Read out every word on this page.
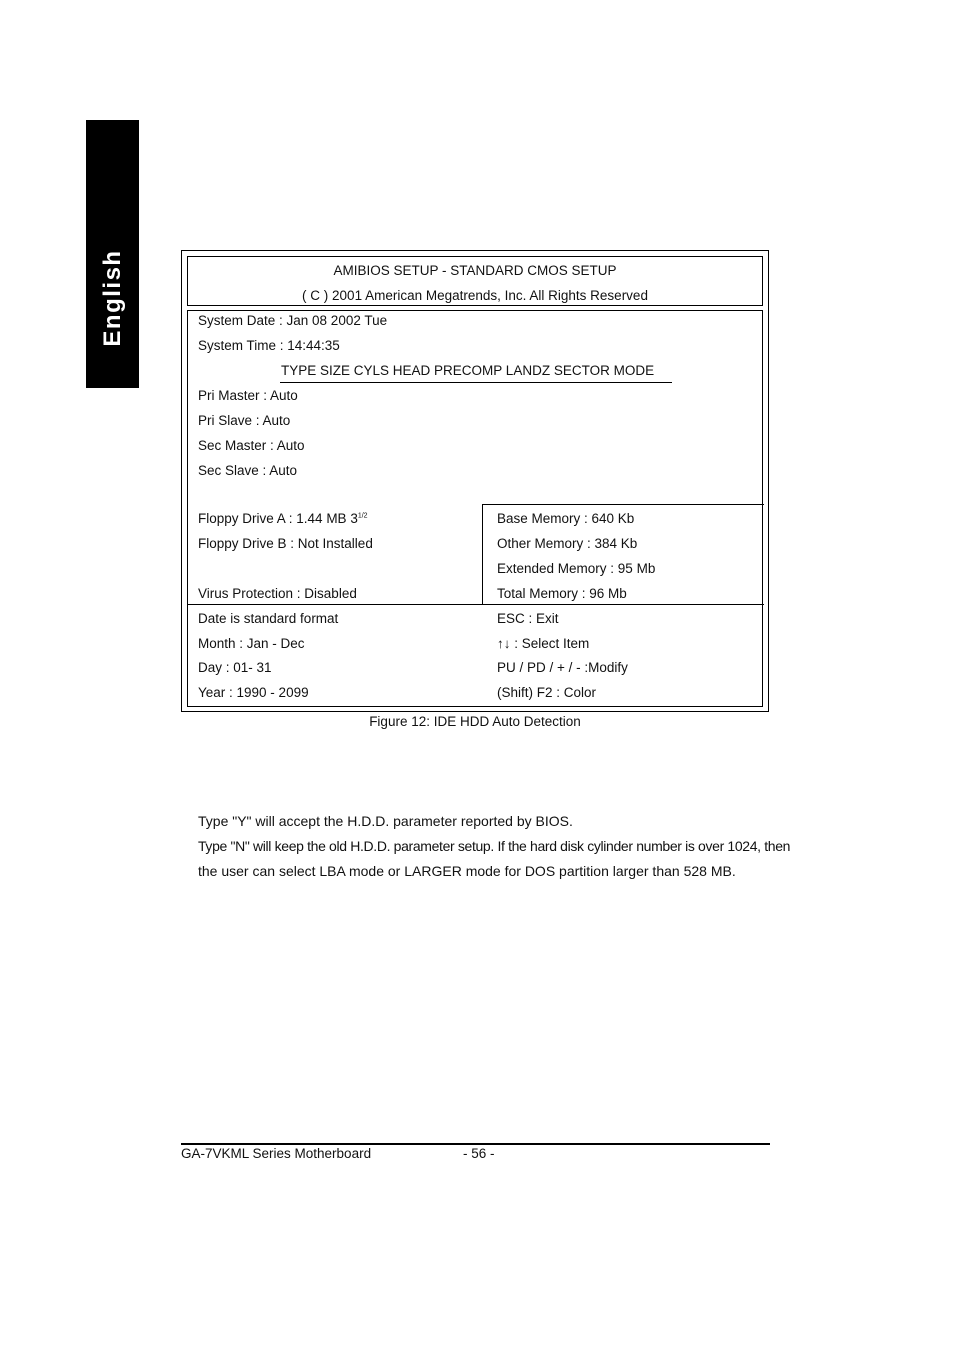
English	AMIBIOS SETUP - STANDARD CMOS SETUP
( C ) 2001 American Megatrends, Inc. All Rights Reserved
System Date : Jan 08 2002 Tue
System Time : 14:44:35
TYPE SIZE CYLS HEAD PRECOMP LANDZ SECTOR MODE
Pri Master : Auto
Pri Slave : Auto
Sec Master : Auto
Sec Slave : Auto
Floppy Drive A : 1.44 MB $3^{1/2}$
Floppy Drive B : Not Installed
Virus Protection : Disabled
Base Memory : 640 Kb
Other Memory : 384 Kb
Extended Memory : 95 Mb
Total Memory : 96 Mb
Date is standard format
Month : Jan - Dec
Day : 01- 31
Year : 1990 - 2099
ESC : Exit
↑↓ : Select Item
PU / PD / + / - :Modify
(Shift) F2 : Color
Figure 12: IDE HDD Auto Detection
Type "Y" will accept the H.D.D. parameter reported by BIOS.
Type "N" will keep the old H.D.D. parameter setup. If the hard disk cylinder number is over 1024, then
the user can select LBA mode or LARGER mode for DOS partition larger than 528 MB.
GA-7VKML Series Motherboard	- 56 -
